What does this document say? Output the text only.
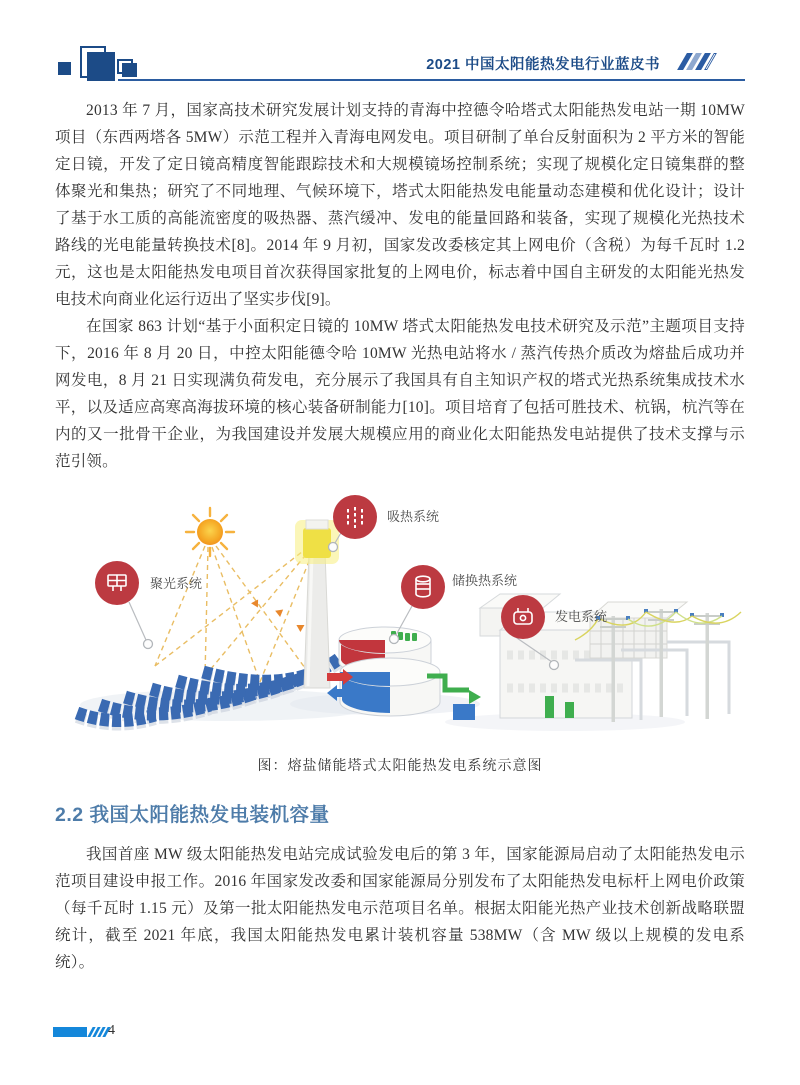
2021 中国太阳能热发电行业蓝皮书

2013 年 7 月，国家高技术研究发展计划支持的青海中控德令哈塔式太阳能热发电站一期 10MW 项目（东西两塔各 5MW）示范工程并入青海电网发电。项目研制了单台反射面积为 2 平方米的智能定日镜，开发了定日镜高精度智能跟踪技术和大规模镜场控制系统；实现了规模化定日镜集群的整体聚光和集热；研究了不同地理、气候环境下，塔式太阳能热发电能量动态建模和优化设计；设计了基于水工质的高能流密度的吸热器、蒸汽缓冲、发电的能量回路和装备，实现了规模化光热技术路线的光电能量转换技术[8]。2014 年 9 月初，国家发改委核定其上网电价（含税）为每千瓦时 1.2 元，这也是太阳能热发电项目首次获得国家批复的上网电价，标志着中国自主研发的太阳能光热发电技术向商业化运行迈出了坚实步伐[9]。

在国家 863 计划“基于小面积定日镜的 10MW 塔式太阳能热发电技术研究及示范”主题项目支持下，2016 年 8 月 20 日，中控太阳能德令哈 10MW 光热电站将水 / 蒸汽传热介质改为熔盐后成功并网发电，8 月 21 日实现满负荷发电，充分展示了我国具有自主知识产权的塔式光热系统集成技术水平，以及适应高寒高海拔环境的核心装备研制能力[10]。项目培育了包括可胜技术、杭锅，杭汽等在内的又一批骨干企业，为我国建设并发展大规模应用的商业化太阳能热发电站提供了技术支撑与示范引领。

聚光系统
吸热系统
储换热系统
发电系统
图：熔盐储能塔式太阳能热发电系统示意图
2.2 我国太阳能热发电装机容量

我国首座 MW 级太阳能热发电站完成试验发电后的第 3 年，国家能源局启动了太阳能热发电示范项目建设申报工作。2016 年国家发改委和国家能源局分别发布了太阳能热发电标杆上网电价政策（每千瓦时 1.15 元）及第一批太阳能热发电示范项目名单。根据太阳能光热产业技术创新战略联盟统计，截至 2021 年底，我国太阳能热发电累计装机容量 538MW（含 MW 级以上规模的发电系统）。

4
